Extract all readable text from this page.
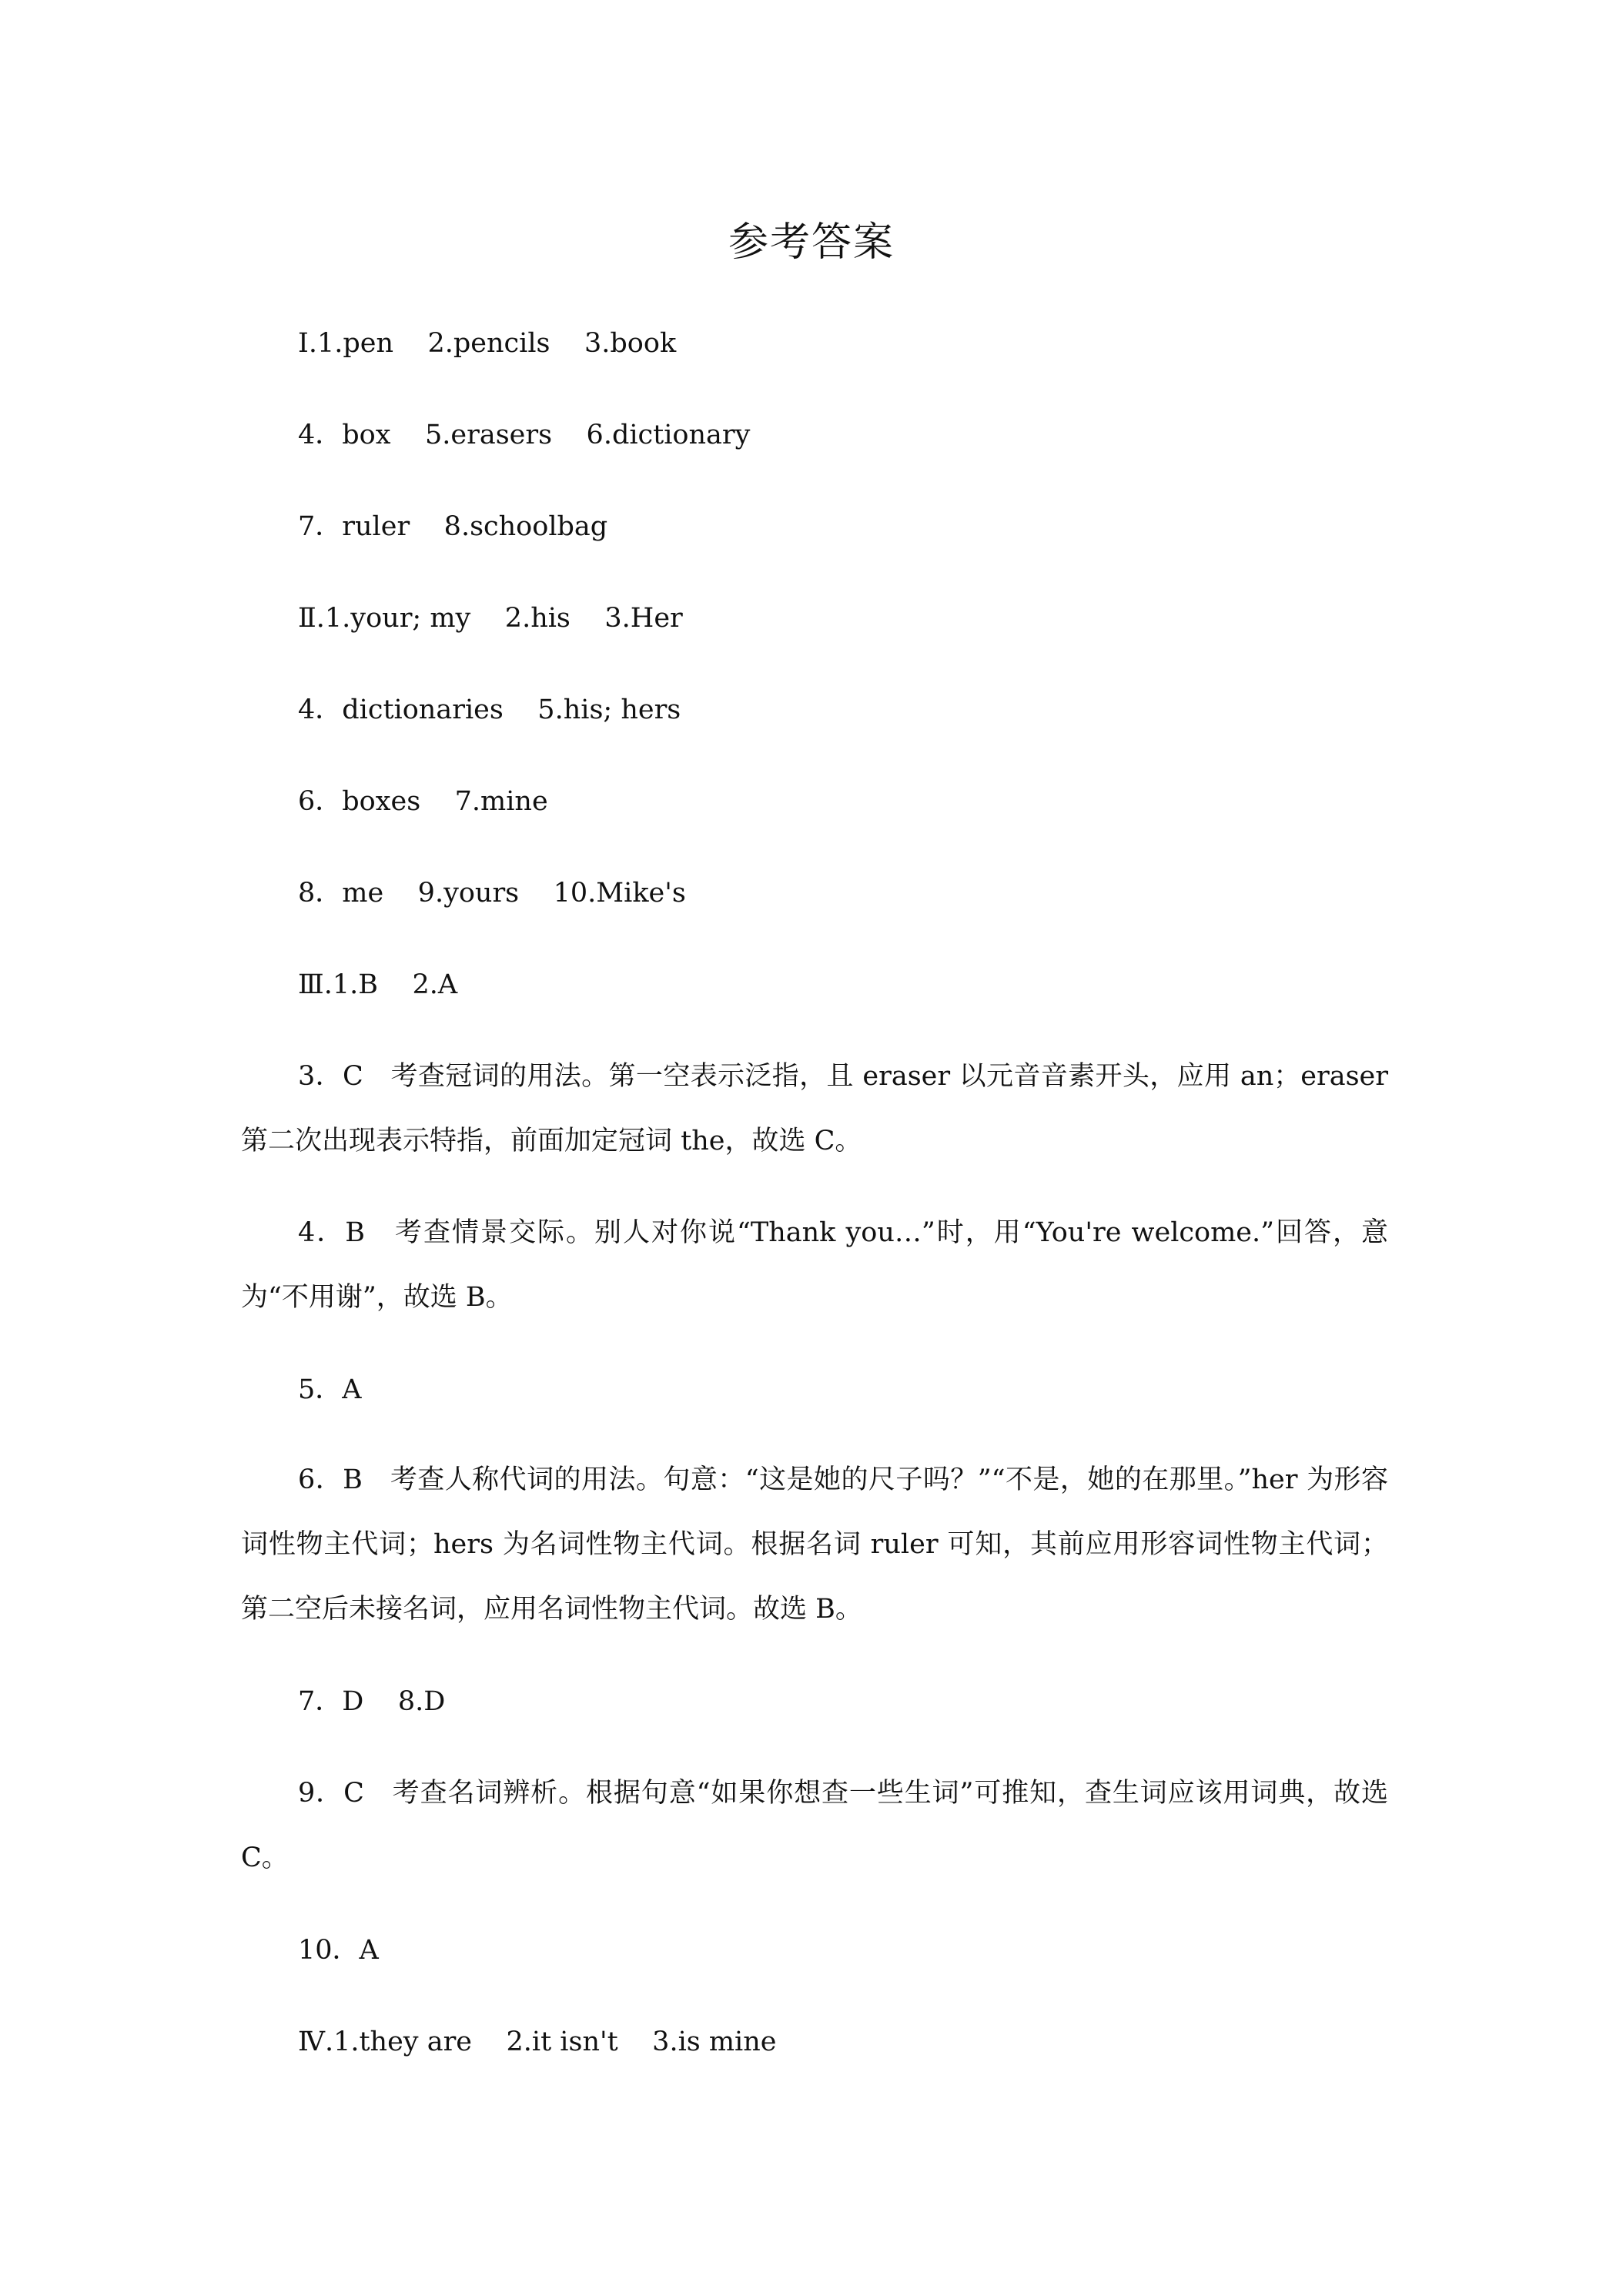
参考答案
Ⅰ.1.pen    2.pencils    3.book
4．box    5.erasers    6.dictionary
7．ruler    8.schoolbag
Ⅱ.1.your; my    2.his    3.Her
4．dictionaries    5.his; hers
6．boxes    7.mine
8．me    9.yours    10.Mike's
Ⅲ.1.B    2.A
3．C　考查冠词的用法。第一空表示泛指，且 eraser 以元音音素开头，应用 an；eraser 第二次出现表示特指，前面加定冠词 the，故选 C。
4．B　考查情景交际。别人对你说“Thank you…”时，用“You're welcome.”回答，意为“不用谢”，故选 B。
5．A
6．B　考查人称代词的用法。句意：“这是她的尺子吗？”“不是，她的在那里。”her 为形容词性物主代词；hers 为名词性物主代词。根据名词 ruler 可知，其前应用形容词性物主代词；第二空后未接名词，应用名词性物主代词。故选 B。
7．D    8.D
9．C　考查名词辨析。根据句意“如果你想查一些生词”可推知，查生词应该用词典，故选 C。
10．A
Ⅳ.1.they are    2.it isn't    3.is mine
